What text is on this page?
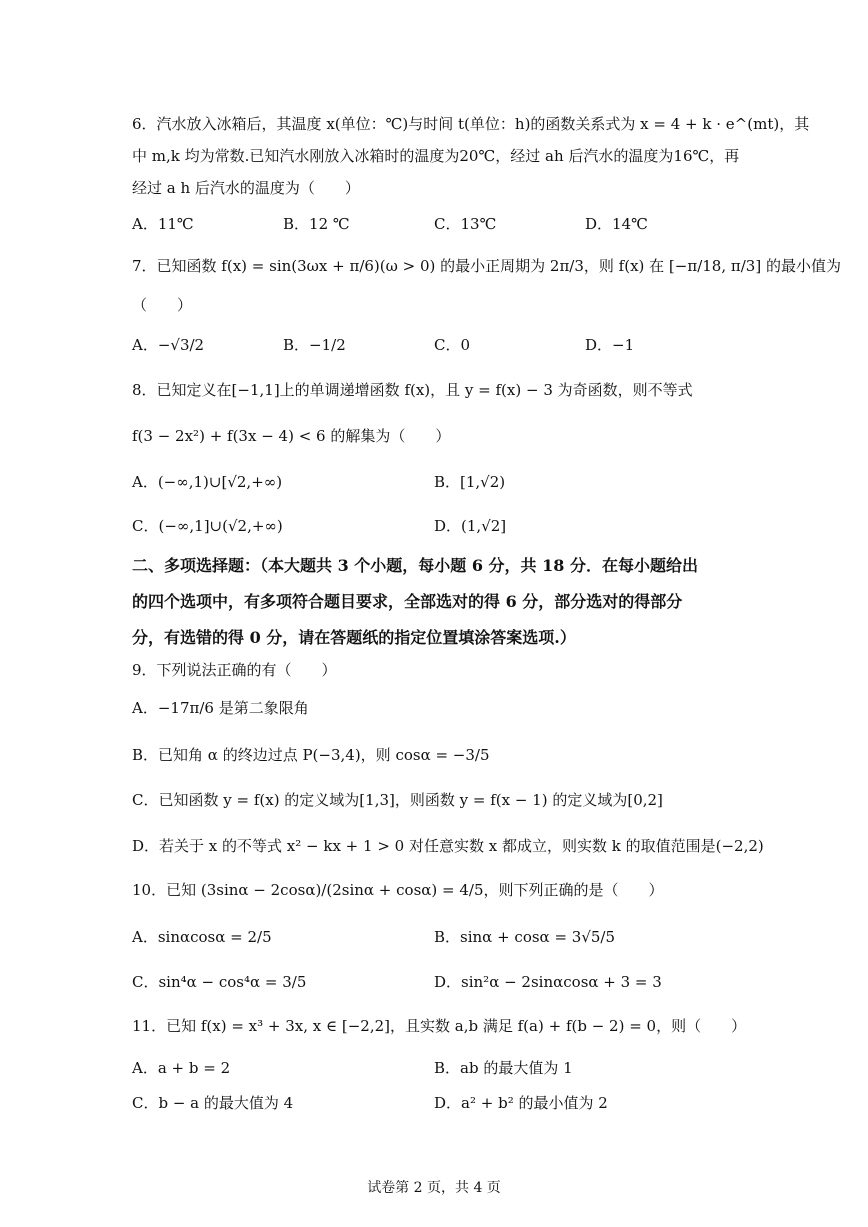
6．汽水放入冰箱后，其温度 x(单位：℃)与时间 t(单位：h)的函数关系式为 x = 4 + k · e^(mt)，其
中 m,k 均为常数.已知汽水刚放入冰箱时的温度为20℃，经过 ah 后汽水的温度为16℃，再
经过 a h 后汽水的温度为（　　）
A．11℃	B．12 ℃	C．13℃	D．14℃
7．已知函数 f(x) = sin(3ωx + π/6)(ω > 0) 的最小正周期为 2π/3，则 f(x) 在 [−π/18, π/3] 的最小值为
（　　）
A．−√3/2	B．−1/2	C．0	D．−1
8．已知定义在[−1,1]上的单调递增函数 f(x)，且 y = f(x) − 3 为奇函数，则不等式
f(3 − 2x²) + f(3x − 4) < 6 的解集为（　　）
A．(−∞,1)∪[√2,+∞)	B．[1,√2)
C．(−∞,1]∪(√2,+∞)	D．(1,√2]
二、多项选择题：（本大题共 3 个小题，每小题 6 分，共 18 分．在每小题给出
的四个选项中，有多项符合题目要求，全部选对的得 6 分，部分选对的得部分
分，有选错的得 0 分，请在答题纸的指定位置填涂答案选项.）
9．下列说法正确的有（　　）
A．−17π/6 是第二象限角
B．已知角 α 的终边过点 P(−3,4)，则 cosα = −3/5
C．已知函数 y = f(x) 的定义域为[1,3]，则函数 y = f(x − 1) 的定义域为[0,2]
D．若关于 x 的不等式 x² − kx + 1 > 0 对任意实数 x 都成立，则实数 k 的取值范围是(−2,2)
10．已知 (3sinα − 2cosα)/(2sinα + cosα) = 4/5，则下列正确的是（　　）
A．sinαcosα = 2/5	B．sinα + cosα = 3√5/5
C．sin⁴α − cos⁴α = 3/5	D．sin²α − 2sinαcosα + 3 = 3
11．已知 f(x) = x³ + 3x, x ∈ [−2,2]，且实数 a,b 满足 f(a) + f(b − 2) = 0，则（　　）
A．a + b = 2	B．ab 的最大值为 1
C．b − a 的最大值为 4	D．a² + b² 的最小值为 2
试卷第 2 页，共 4 页
